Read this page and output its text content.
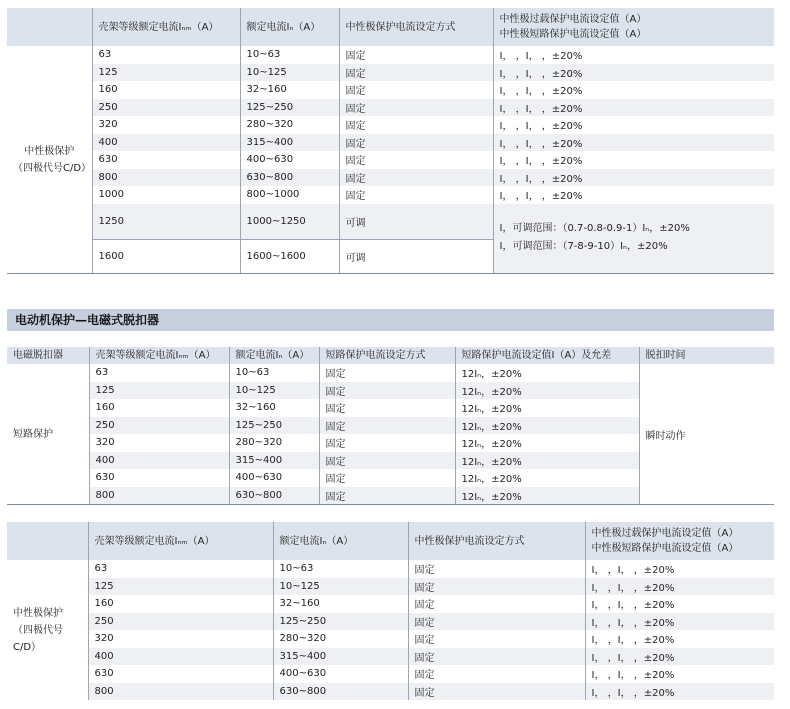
	壳架等级额定电流Iₙₘ（A）	额定电流Iₙ（A）	中性极保护电流设定方式	中性极过载保护电流设定值（A）
中性极短路保护电流设定值（A）

中性极保护
（四极代号C/D）	63	10~63	固定	I， ，I， ，±20%
	125	10~125	固定	I， ，I， ，±20%
	160	32~160	固定	I， ，I， ，±20%
	250	125~250	固定	I， ，I， ，±20%
	320	280~320	固定	I， ，I， ，±20%
	400	315~400	固定	I， ，I， ，±20%
	630	400~630	固定	I， ，I， ，±20%
	800	630~800	固定	I， ，I， ，±20%
	1000	800~1000	固定	I， ，I， ，±20%
	1250	1000~1250	可调	I，可调范围：（0.7-0.8-0.9-1）Iₙ，±20%
I，可调范围：（7-8-9-10）Iₙ，±20%

	1600	1600~1600	可调	
电动机保护—电磁式脱扣器
电磁脱扣器	壳架等级额定电流Iₙₘ（A）	额定电流Iₙ（A）	短路保护电流设定方式	短路保护电流设定值I（A）及允差	脱扣时间
短路保护	63	10~63	固定	12Iₙ，±20%	瞬时动作
	125	10~125	固定	12Iₙ，±20%	
	160	32~160	固定	12Iₙ，±20%	
	250	125~250	固定	12Iₙ，±20%	
	320	280~320	固定	12Iₙ，±20%	
	400	315~400	固定	12Iₙ，±20%	
	630	400~630	固定	12Iₙ，±20%	
	800	630~800	固定	12Iₙ，±20%	
	壳架等级额定电流Iₙₘ（A）	额定电流Iₙ（A）	中性极保护电流设定方式	中性极过载保护电流设定值（A）
中性极短路保护电流设定值（A）

中性极保护
（四极代号
C/D）	63	10~63	固定	I， ，I， ，±20%
	125	10~125	固定	I， ，I， ，±20%
	160	32~160	固定	I， ，I， ，±20%
	250	125~250	固定	I， ，I， ，±20%
	320	280~320	固定	I， ，I， ，±20%
	400	315~400	固定	I， ，I， ，±20%
	630	400~630	固定	I， ，I， ，±20%
	800	630~800	固定	I， ，I， ，±20%
